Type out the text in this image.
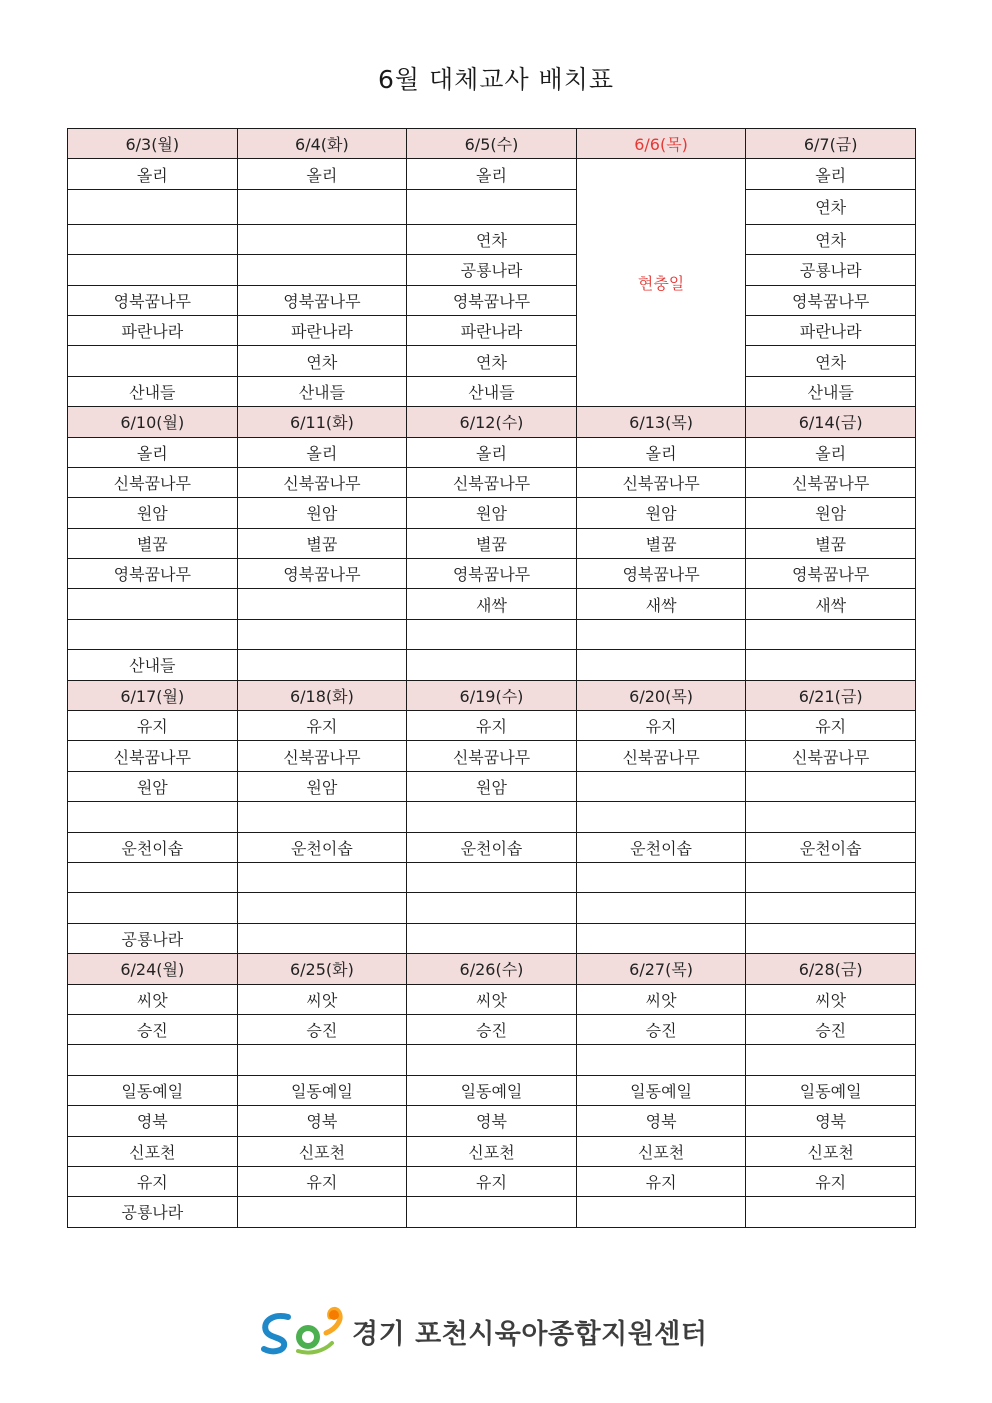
6월 대체교사 배치표
6/3(월)	6/4(화)	6/5(수)	6/6(목)	6/7(금)
올리	올리	올리	현충일	올리
				연차
		연차		연차
		공룡나라		공룡나라
영북꿈나무	영북꿈나무	영북꿈나무		영북꿈나무
파란나라	파란나라	파란나라		파란나라
	연차	연차		연차
산내들	산내들	산내들		산내들
6/10(월)	6/11(화)	6/12(수)	6/13(목)	6/14(금)
올리	올리	올리	올리	올리
신북꿈나무	신북꿈나무	신북꿈나무	신북꿈나무	신북꿈나무
원암	원암	원암	원암	원암
별꿈	별꿈	별꿈	별꿈	별꿈
영북꿈나무	영북꿈나무	영북꿈나무	영북꿈나무	영북꿈나무
		새싹	새싹	새싹

산내들				
6/17(월)	6/18(화)	6/19(수)	6/20(목)	6/21(금)
유지	유지	유지	유지	유지
신북꿈나무	신북꿈나무	신북꿈나무	신북꿈나무	신북꿈나무
원암	원암	원암		

운천이솝	운천이솝	운천이솝	운천이솝	운천이솝

공룡나라				
6/24(월)	6/25(화)	6/26(수)	6/27(목)	6/28(금)
씨앗	씨앗	씨앗	씨앗	씨앗
승진	승진	승진	승진	승진

일동예일	일동예일	일동예일	일동예일	일동예일
영북	영북	영북	영북	영북
신포천	신포천	신포천	신포천	신포천
유지	유지	유지	유지	유지
공룡나라				
경기 포천시육아종합지원센터
